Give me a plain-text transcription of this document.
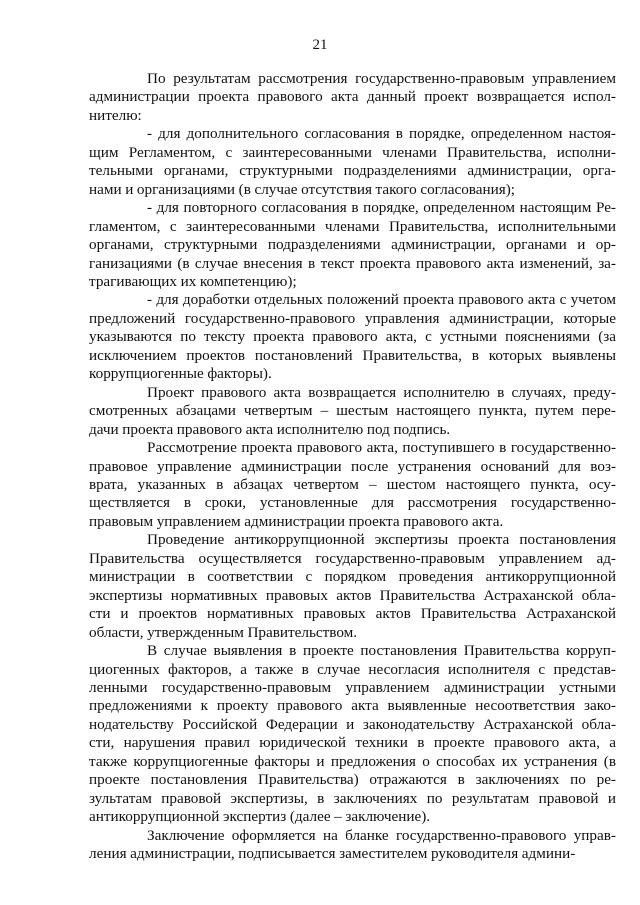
21
По результатам рассмотрения государственно-правовым управлением
администрации проекта правового акта данный проект возвращается испол-
нителю:
- для дополнительного согласования в порядке, определенном настоя-
щим Регламентом, с заинтересованными членами Правительства, исполни-
тельными органами, структурными подразделениями администрации, орга-
нами и организациями (в случае отсутствия такого согласования);
- для повторного согласования в порядке, определенном настоящим Ре-
гламентом, с заинтересованными членами Правительства, исполнительными
органами, структурными подразделениями администрации, органами и ор-
ганизациями (в случае внесения в текст проекта правового акта изменений, за-
трагивающих их компетенцию);
- для доработки отдельных положений проекта правового акта с учетом
предложений государственно-правового управления администрации, которые
указываются по тексту проекта правового акта, с устными пояснениями (за
исключением проектов постановлений Правительства, в которых выявлены
коррупциогенные факторы).
Проект правового акта возвращается исполнителю в случаях, преду-
смотренных абзацами четвертым – шестым настоящего пункта, путем пере-
дачи проекта правового акта исполнителю под подпись.
Рассмотрение проекта правового акта, поступившего в государственно-
правовое управление администрации после устранения оснований для воз-
врата, указанных в абзацах четвертом – шестом настоящего пункта, осу-
ществляется в сроки, установленные для рассмотрения государственно-
правовым управлением администрации проекта правового акта.
Проведение антикоррупционной экспертизы проекта постановления
Правительства осуществляется государственно-правовым управлением ад-
министрации в соответствии с порядком проведения антикоррупционной
экспертизы нормативных правовых актов Правительства Астраханской обла-
сти и проектов нормативных правовых актов Правительства Астраханской
области, утвержденным Правительством.
В случае выявления в проекте постановления Правительства корруп-
циогенных факторов, а также в случае несогласия исполнителя с представ-
ленными государственно-правовым управлением администрации устными
предложениями к проекту правового акта выявленные несоответствия зако-
нодательству Российской Федерации и законодательству Астраханской обла-
сти, нарушения правил юридической техники в проекте правового акта, а
также коррупциогенные факторы и предложения о способах их устранения (в
проекте постановления Правительства) отражаются в заключениях по ре-
зультатам правовой экспертизы, в заключениях по результатам правовой и
антикоррупционной экспертиз (далее – заключение).
Заключение оформляется на бланке государственно-правового управ-
ления администрации, подписывается заместителем руководителя админи-
